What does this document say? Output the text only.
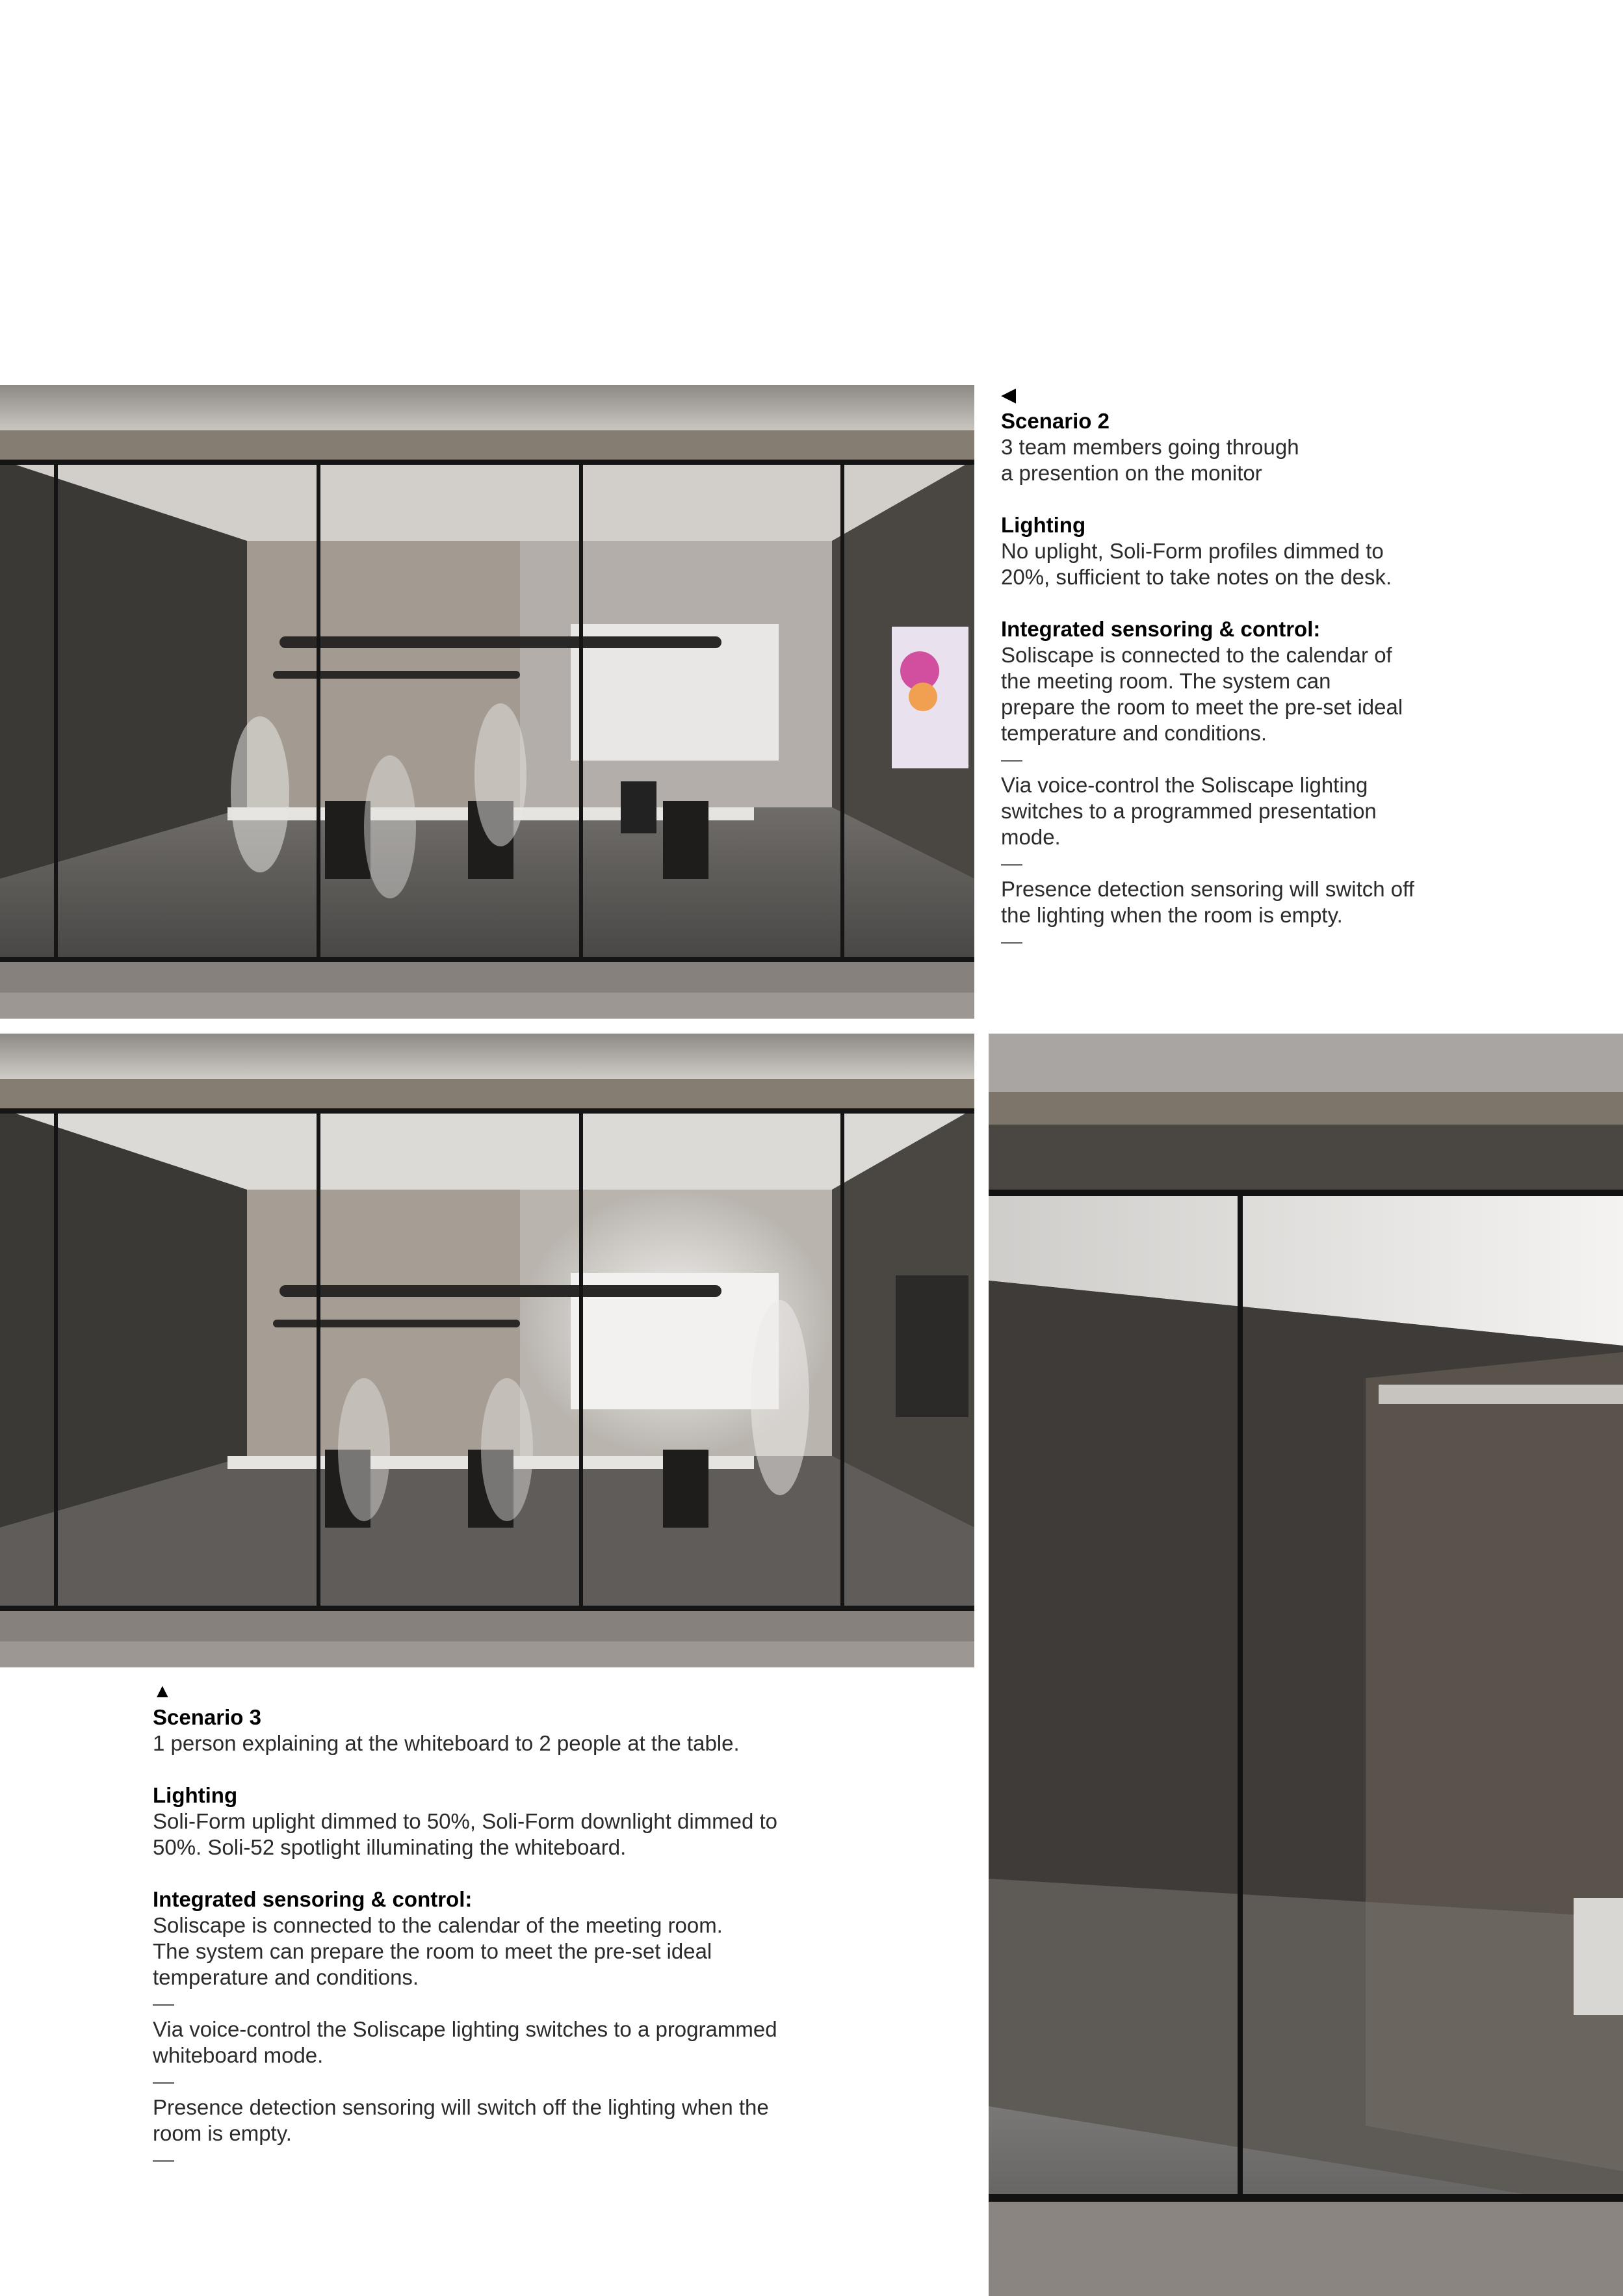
◀

Scenario 2

3 team members going through

a presention on the monitor

Lighting

No uplight, Soli-Form profiles dimmed to

20%, sufficient to take notes on the desk.

Integrated sensoring & control:

Soliscape is connected to the calendar of

the meeting room. The system can

prepare the room to meet the pre-set ideal

temperature and conditions.

—

Via voice-control the Soliscape lighting

switches to a programmed presentation

mode.

—

Presence detection sensoring will switch off

the lighting when the room is empty.

—

▲

Scenario 3

1 person explaining at the whiteboard to 2 people at the table.

Lighting

Soli-Form uplight dimmed to 50%, Soli-Form downlight dimmed to

50%. Soli-52 spotlight illuminating the whiteboard.

Integrated sensoring & control:

Soliscape is connected to the calendar of the meeting room.

The system can prepare the room to meet the pre-set ideal

temperature and conditions.

—

Via voice-control the Soliscape lighting switches to a programmed

whiteboard mode.

—

Presence detection sensoring will switch off the lighting when the

room is empty.

—
